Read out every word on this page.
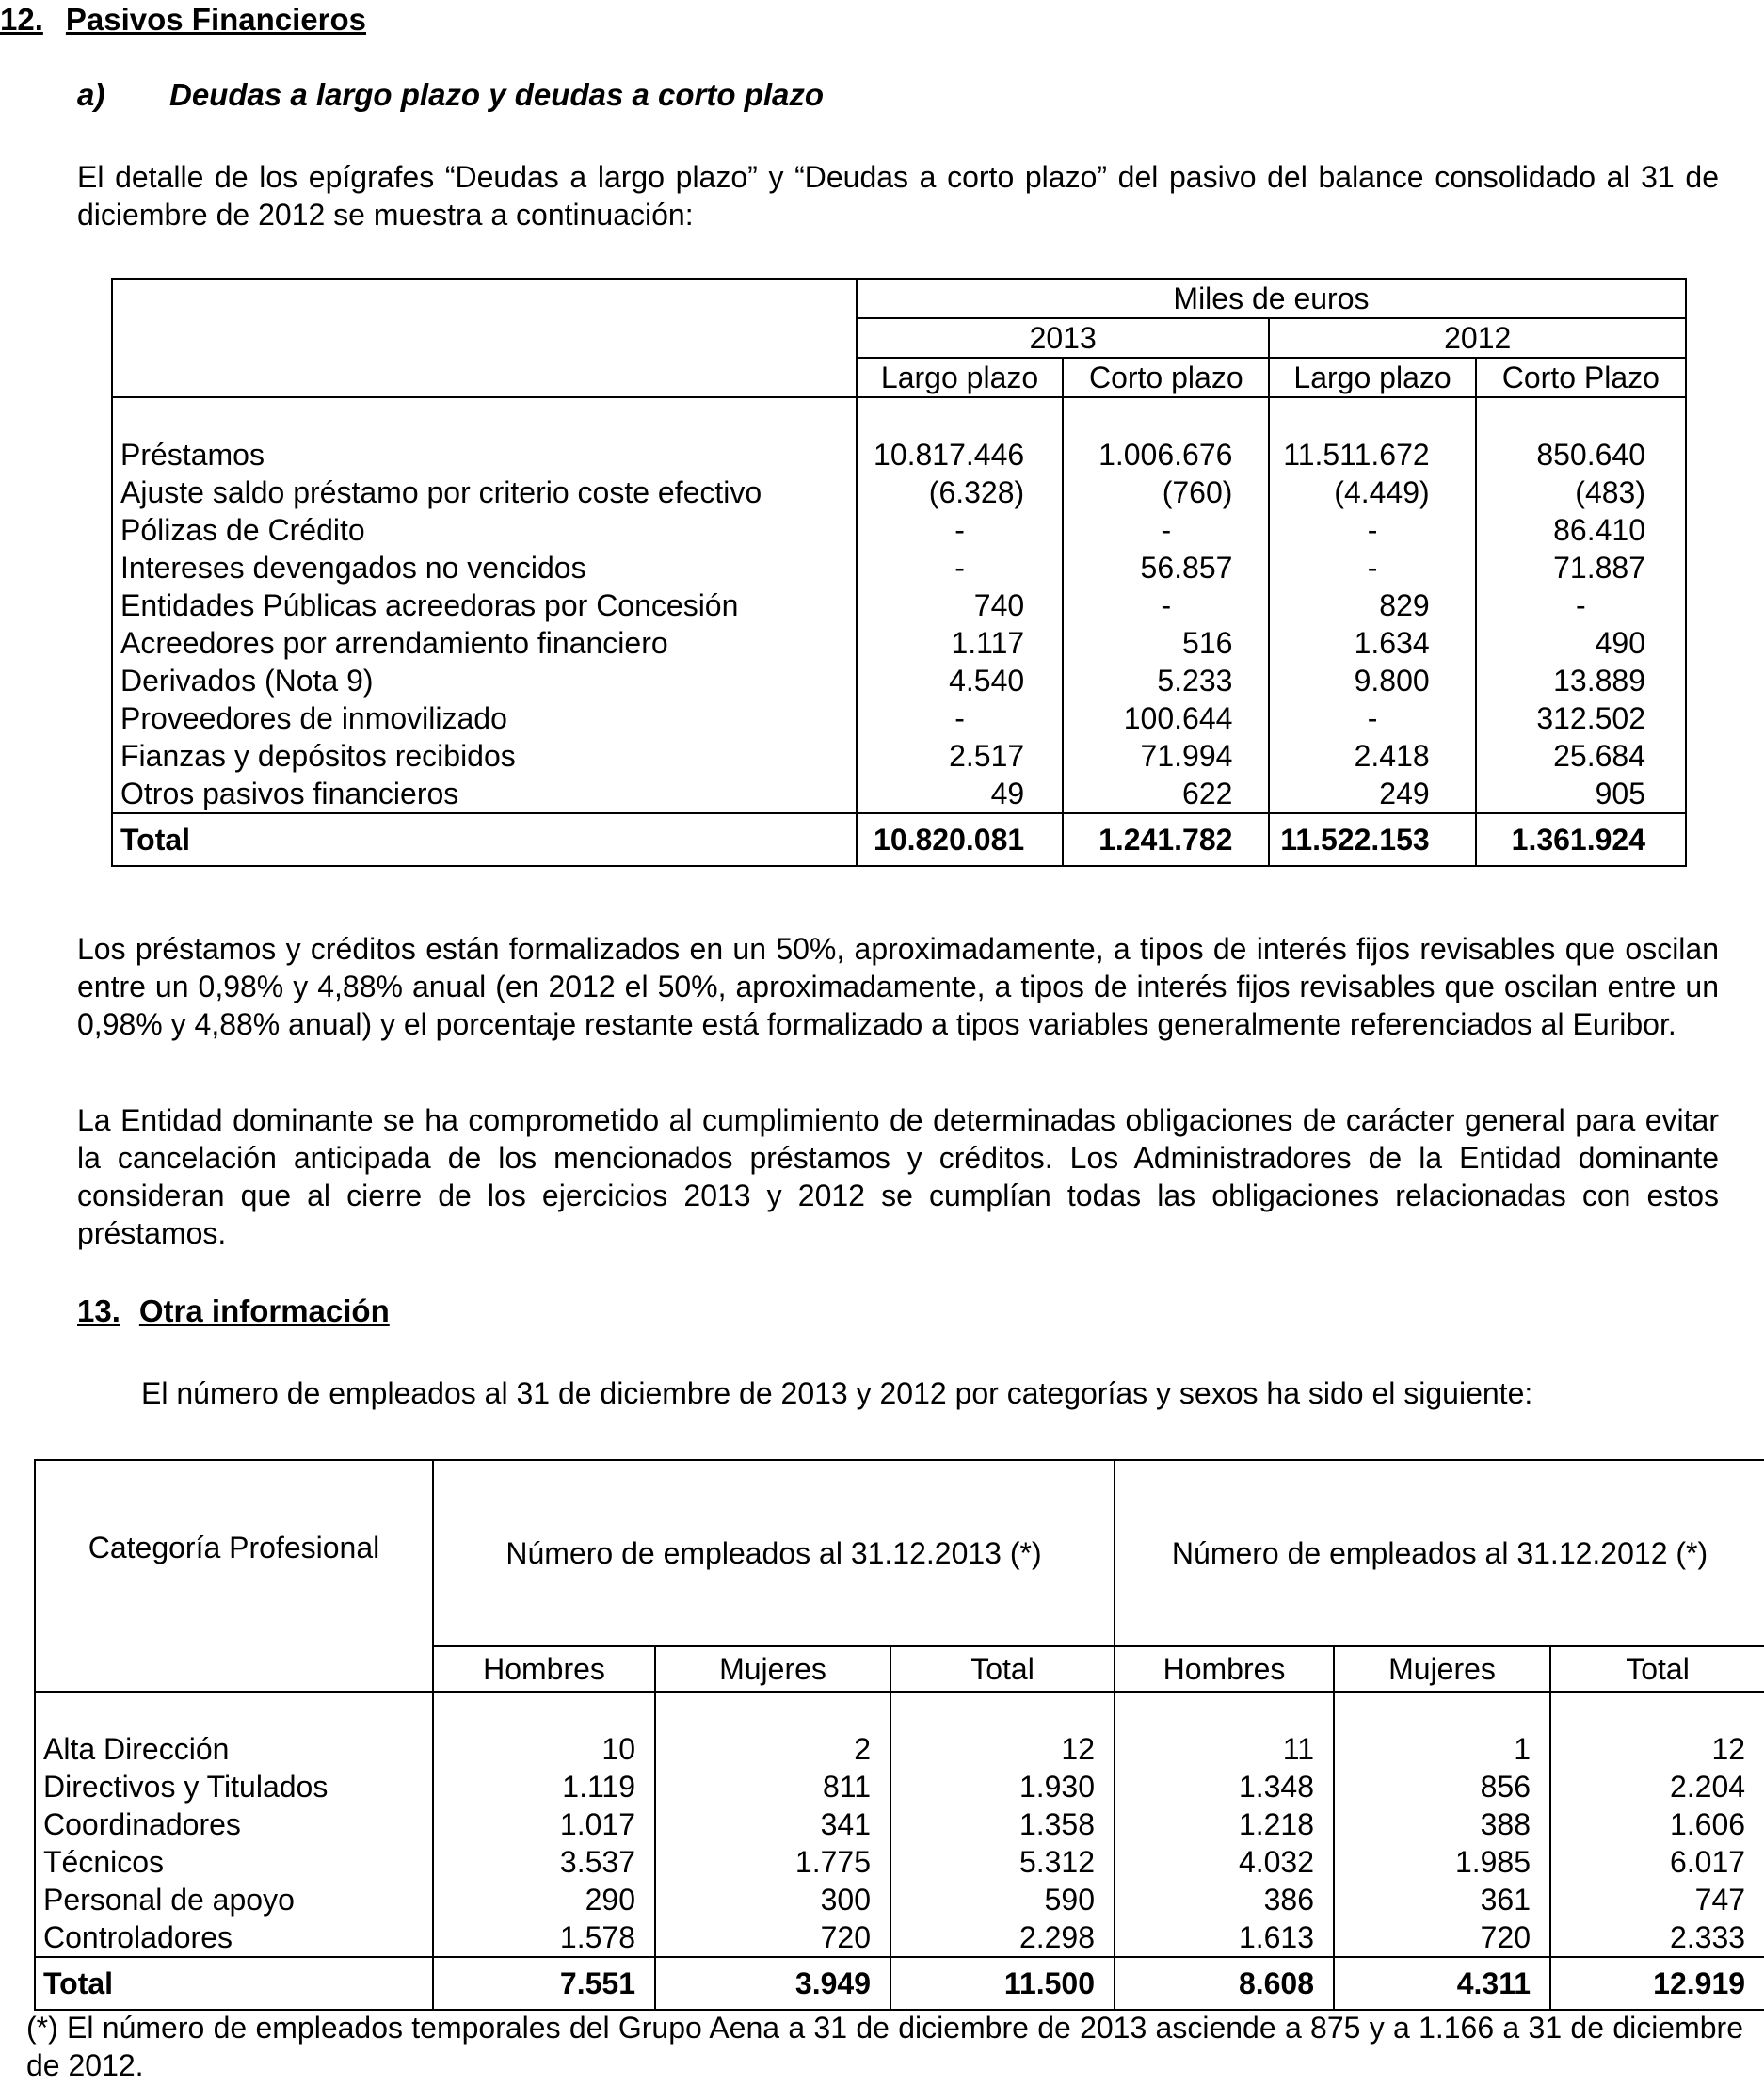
12. Pasivos Financieros
a) Deudas a largo plazo y deudas a corto plazo
El detalle de los epígrafes “Deudas a largo plazo” y “Deudas a corto plazo” del pasivo del balance consolidado al 31 de diciembre de 2012 se muestra a continuación:
	Miles de euros			
	2013		2012	
	Largo plazo	Corto plazo	Largo plazo	Corto Plazo

Préstamos	10.817.446	1.006.676	11.511.672	850.640
Ajuste saldo préstamo por criterio coste efectivo	(6.328)	(760)	(4.449)	(483)
Pólizas de Crédito	-	-	-	86.410
Intereses devengados no vencidos	-	56.857	-	71.887
Entidades Públicas acreedoras por Concesión	740	-	829	-
Acreedores por arrendamiento financiero	1.117	516	1.634	490
Derivados (Nota 9)	4.540	5.233	9.800	13.889
Proveedores de inmovilizado	-	100.644	-	312.502
Fianzas y depósitos recibidos	2.517	71.994	2.418	25.684
Otros pasivos financieros	49	622	249	905
Total	10.820.081	1.241.782	11.522.153	1.361.924
Los préstamos y créditos están formalizados en un 50%, aproximadamente, a tipos de interés fijos revisables que oscilan entre un 0,98% y 4,88% anual (en 2012 el 50%, aproximadamente, a tipos de interés fijos revisables que oscilan entre un 0,98% y 4,88% anual) y el porcentaje restante está formalizado a tipos variables generalmente referenciados al Euribor.
La Entidad dominante se ha comprometido al cumplimiento de determinadas obligaciones de carácter general para evitar la cancelación anticipada de los mencionados préstamos y créditos. Los Administradores de la Entidad dominante consideran que al cierre de los ejercicios 2013 y 2012 se cumplían todas las obligaciones relacionadas con estos préstamos.
13. Otra información
El número de empleados al 31 de diciembre de 2013 y 2012 por categorías y sexos ha sido el siguiente:
Categoría Profesional	Número de empleados al 31.12.2013 (*)			Número de empleados al 31.12.2012 (*)		
	Hombres	Mujeres	Total	Hombres	Mujeres	Total

Alta Dirección	10	2	12	11	1	12
Directivos y Titulados	1.119	811	1.930	1.348	856	2.204
Coordinadores	1.017	341	1.358	1.218	388	1.606
Técnicos	3.537	1.775	5.312	4.032	1.985	6.017
Personal de apoyo	290	300	590	386	361	747
Controladores	1.578	720	2.298	1.613	720	2.333
Total	7.551	3.949	11.500	8.608	4.311	12.919
(*) El número de empleados temporales del Grupo Aena a 31 de diciembre de 2013 asciende a 875 y a 1.166 a 31 de diciembre de 2012.
